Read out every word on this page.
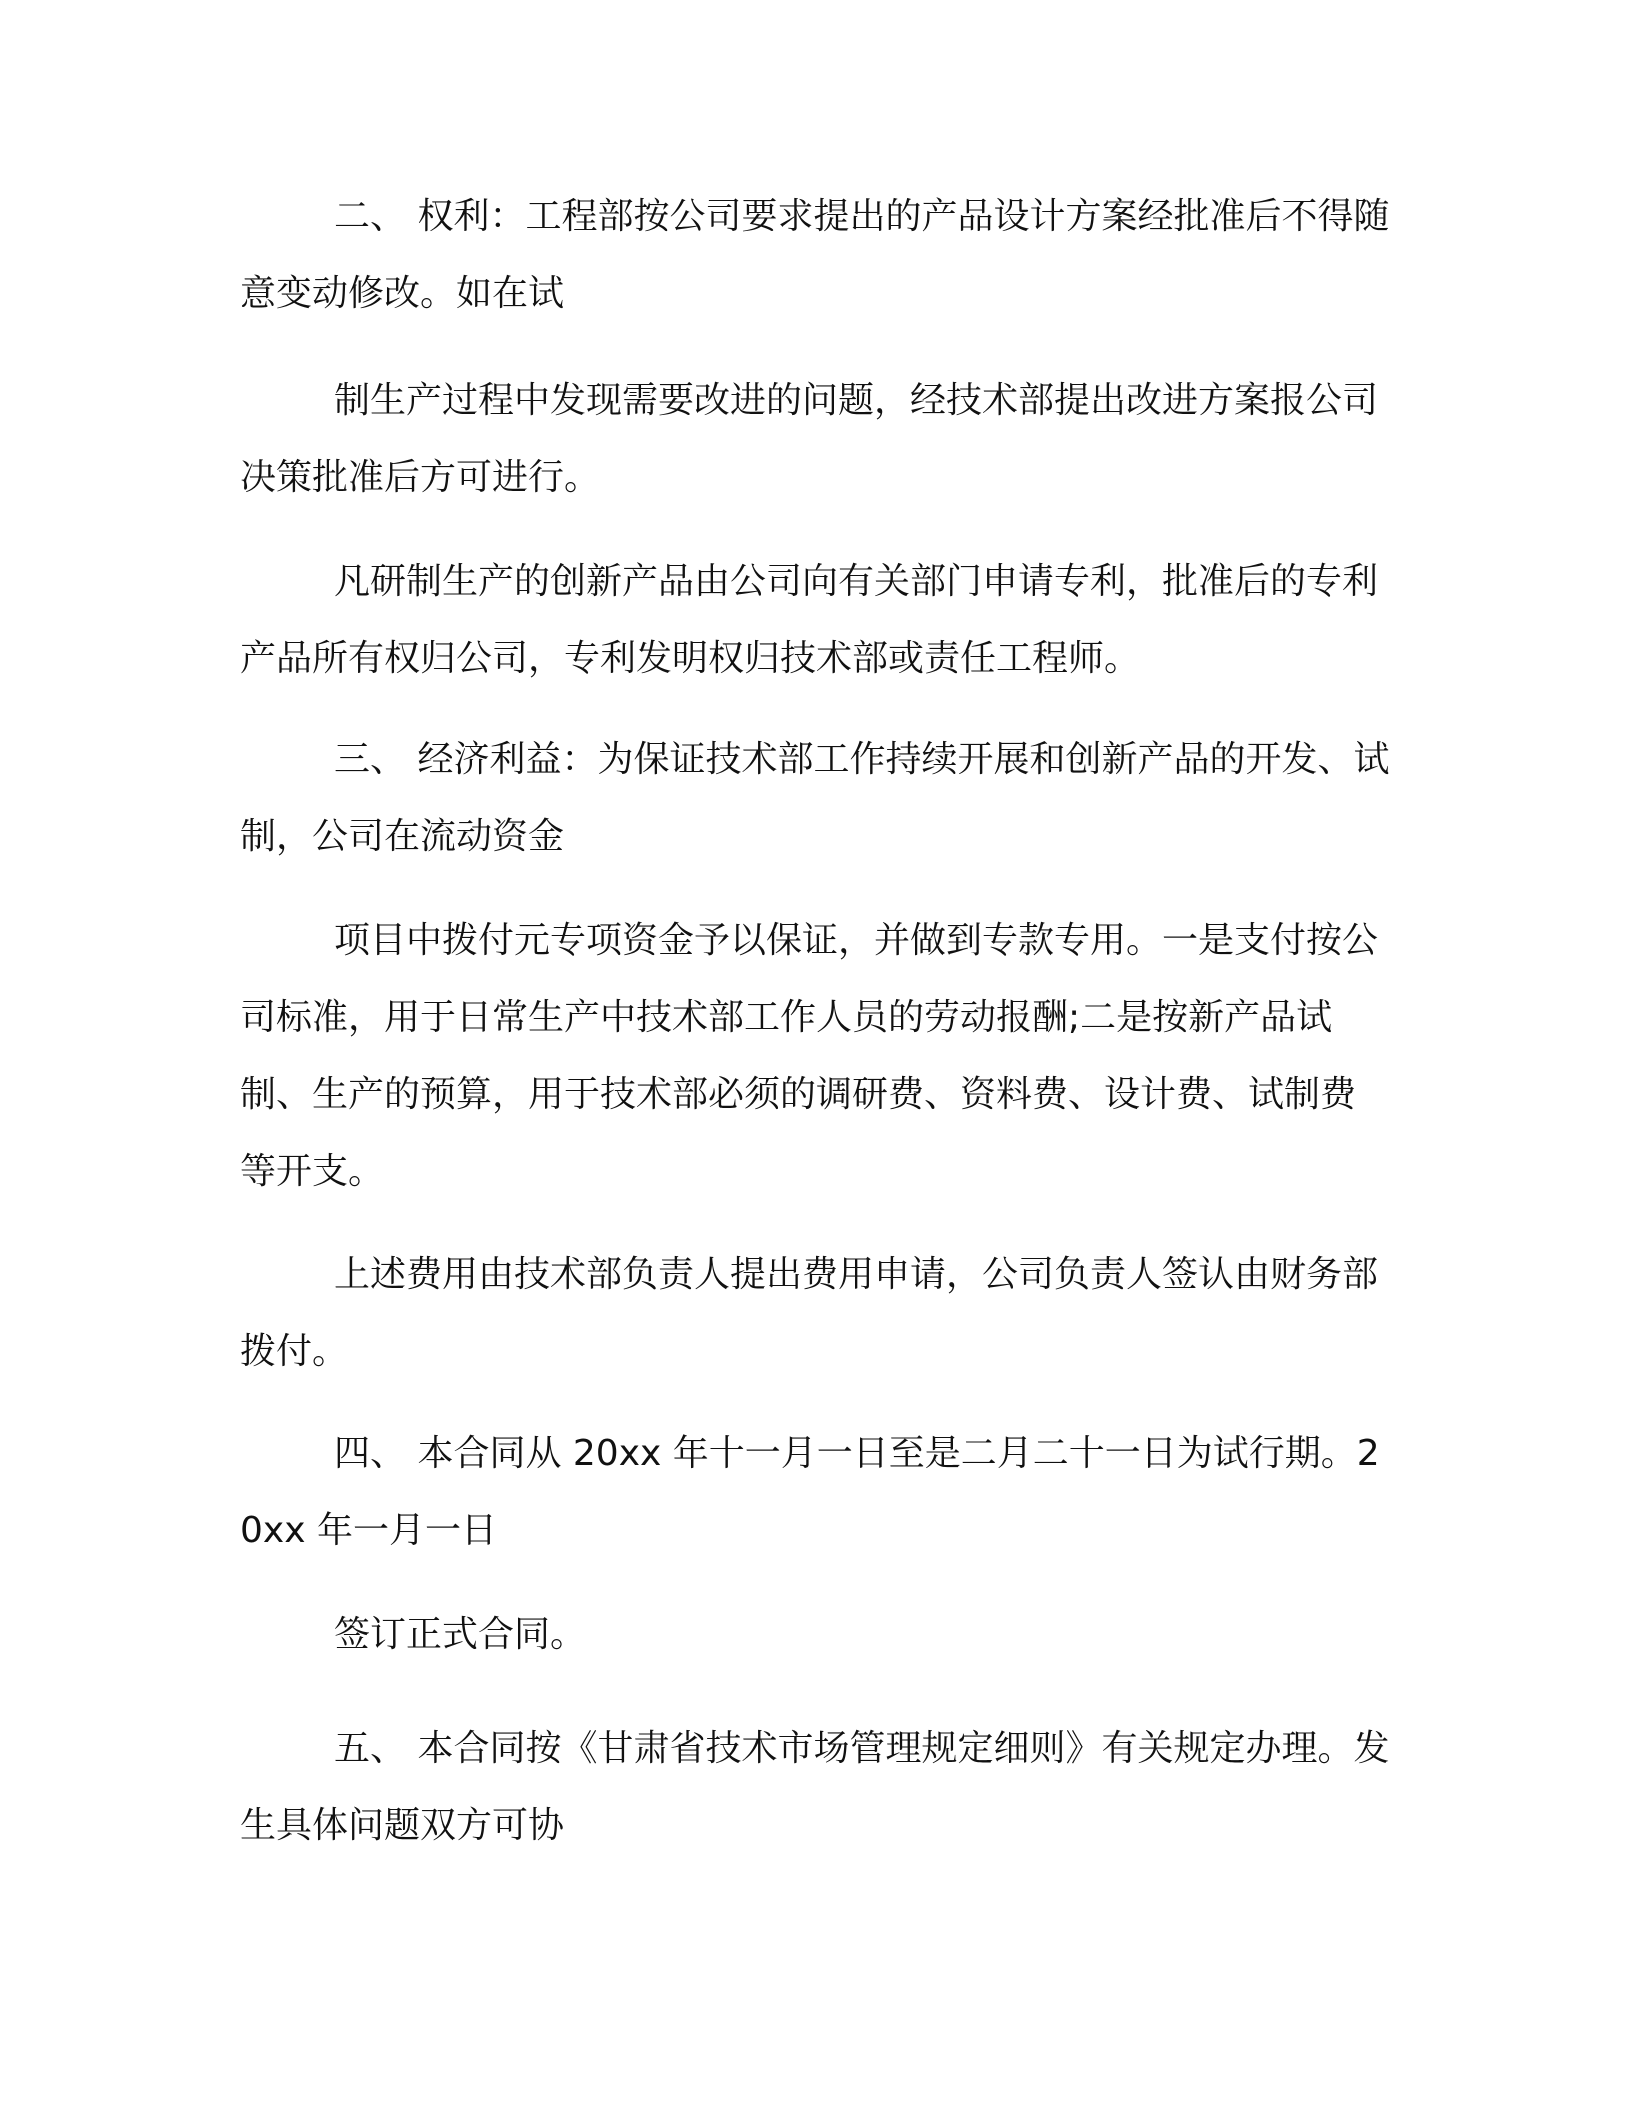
二、 权利：工程部按公司要求提出的产品设计方案经批准后不得随意变动修改。如在试

制生产过程中发现需要改进的问题，经技术部提出改进方案报公司决策批准后方可进行。

凡研制生产的创新产品由公司向有关部门申请专利，批准后的专利产品所有权归公司，专利发明权归技术部或责任工程师。

三、 经济利益：为保证技术部工作持续开展和创新产品的开发、试制，公司在流动资金

项目中拨付元专项资金予以保证，并做到专款专用。一是支付按公司标准，用于日常生产中技术部工作人员的劳动报酬;二是按新产品试制、生产的预算，用于技术部必须的调研费、资料费、设计费、试制费等开支。

上述费用由技术部负责人提出费用申请，公司负责人签认由财务部拨付。

四、 本合同从 20xx 年十一月一日至是二月二十一日为试行期。20xx 年一月一日

签订正式合同。

五、 本合同按《甘肃省技术市场管理规定细则》有关规定办理。发生具体问题双方可协
